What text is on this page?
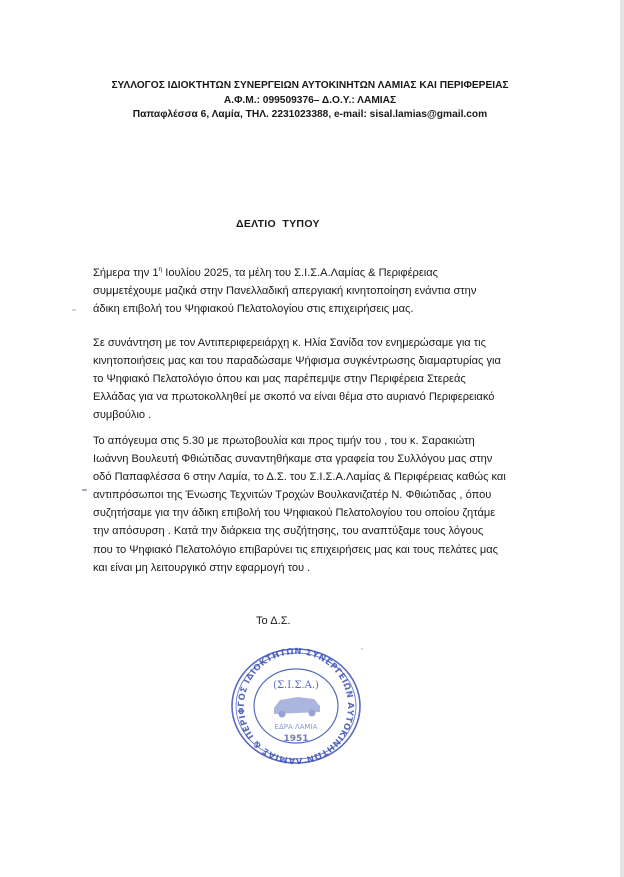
ΣΥΛΛΟΓΟΣ ΙΔΙΟΚΤΗΤΩΝ ΣΥΝΕΡΓΕΙΩΝ ΑΥΤΟΚΙΝΗΤΩΝ ΛΑΜΙΑΣ ΚΑΙ ΠΕΡΙΦΕΡΕΙΑΣ
Α.Φ.Μ.: 099509376– Δ.Ο.Υ.: ΛΑΜΙΑΣ
Παπαφλέσσα 6, Λαμία, ΤΗΛ. 2231023388, e-mail: sisal.lamias@gmail.com
ΔΕΛΤΙΟ  ΤΥΠΟΥ
Σήμερα την $1^\eta$ Ιουλίου 2025, τα μέλη του Σ.Ι.Σ.Α.Λαμίας & Περιφέρειας
συμμετέχουμε μαζικά στην Πανελλαδική απεργιακή κινητοποίηση ενάντια στην
άδικη επιβολή του Ψηφιακού Πελατολογίου στις επιχειρήσεις μας.
Σε συνάντηση με τον Αντιπεριφερειάρχη κ. Ηλία Σανίδα τον ενημερώσαμε για τις
κινητοποιήσεις μας και του παραδώσαμε Ψήφισμα συγκέντρωσης διαμαρτυρίας για
το Ψηφιακό Πελατολόγιο όπου και μας παρέπεμψε στην Περιφέρεια Στερεάς
Ελλάδας για να πρωτοκολληθεί με σκοπό να είναι θέμα στο αυριανό Περιφερειακό
συμβούλιο .
Το απόγευμα στις 5.30 με πρωτοβουλία και προς τιμήν του , του κ. Σαρακιώτη
Ιωάννη Βουλευτή Φθιώτιδας συναντηθήκαμε στα γραφεία του Συλλόγου μας στην
οδό Παπαφλέσσα 6 στην Λαμία, το Δ.Σ. του Σ.Ι.Σ.Α.Λαμίας & Περιφέρειας καθώς και
αντιπρόσωποι της Ένωσης Τεχνιτών Τροχών Βουλκανιζατέρ Ν. Φθιώτιδας , όπου
συζητήσαμε για την άδικη επιβολή του Ψηφιακού Πελατολογίου του οποίου ζητάμε
την απόσυρση . Κατά την διάρκεια της συζήτησης, του αναπτύξαμε τους λόγους
που το Ψηφιακό Πελατολόγιο επιβαρύνει τις επιχειρήσεις μας και τους πελάτες μας
και είναι μη λειτουργικό στην εφαρμογή του .
Το Δ.Σ.
ΓΟΣ ΙΔΙΟΚΤΗΤΩΝ ΣΥΝΕΡΓΕΙΩΝ ΑΥΤΟΚΙΝΗΤΩΝ ΛΑΜΙΑΣ & ΠΕΡΙΦ
(Σ.Ι.Σ.Α.)
ΕΔΡΑ ΛΑΜΙΑ
1951
